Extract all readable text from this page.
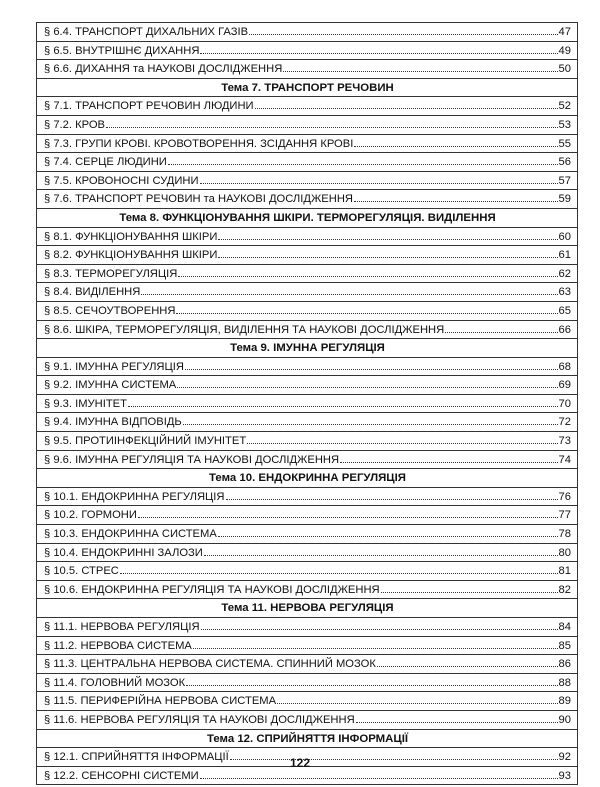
§ 6.4. ТРАНСПОРТ ДИХАЛЬНИХ ГАЗІВ	47
§ 6.5. ВНУТРІШНЄ ДИХАННЯ	49
§ 6.6. ДИХАННЯ та НАУКОВІ ДОСЛІДЖЕННЯ	50
Тема 7. ТРАНСПОРТ РЕЧОВИН
§ 7.1. ТРАНСПОРТ РЕЧОВИН ЛЮДИНИ	52
§ 7.2. КРОВ	53
§ 7.3. ГРУПИ КРОВІ. КРОВОТВОРЕННЯ. ЗСІДАННЯ КРОВІ	55
§ 7.4. СЕРЦЕ ЛЮДИНИ	56
§ 7.5. КРОВОНОСНІ СУДИНИ	57
§ 7.6. ТРАНСПОРТ РЕЧОВИН та НАУКОВІ ДОСЛІДЖЕННЯ	59
Тема 8. ФУНКЦІОНУВАННЯ ШКІРИ. ТЕРМОРЕГУЛЯЦІЯ. ВИДІЛЕННЯ
§ 8.1. ФУНКЦІОНУВАННЯ ШКІРИ	60
§ 8.2. ФУНКЦІОНУВАННЯ ШКІРИ	61
§ 8.3. ТЕРМОРЕГУЛЯЦІЯ	62
§ 8.4. ВИДІЛЕННЯ	63
§ 8.5. СЕЧОУТВОРЕННЯ	65
§ 8.6. ШКІРА, ТЕРМОРЕГУЛЯЦІЯ, ВИДІЛЕННЯ ТА НАУКОВІ ДОСЛІДЖЕННЯ	66
Тема 9. ІМУННА РЕГУЛЯЦІЯ
§ 9.1. ІМУННА РЕГУЛЯЦІЯ	68
§ 9.2. ІМУННА СИСТЕМА	69
§ 9.3. ІМУНІТЕТ	70
§ 9.4. ІМУННА ВІДПОВІДЬ	72
§ 9.5. ПРОТИІНФЕКЦІЙНИЙ ІМУНІТЕТ	73
§ 9.6. ІМУННА РЕГУЛЯЦІЯ ТА НАУКОВІ ДОСЛІДЖЕННЯ	74
Тема 10. ЕНДОКРИННА РЕГУЛЯЦІЯ
§ 10.1. ЕНДОКРИННА РЕГУЛЯЦІЯ	76
§ 10.2. ГОРМОНИ	77
§ 10.3. ЕНДОКРИННА СИСТЕМА	78
§ 10.4. ЕНДОКРИННІ ЗАЛОЗИ	80
§ 10.5. СТРЕС	81
§ 10.6. ЕНДОКРИННА РЕГУЛЯЦІЯ ТА НАУКОВІ ДОСЛІДЖЕННЯ	82
Тема 11. НЕРВОВА РЕГУЛЯЦІЯ
§ 11.1. НЕРВОВА РЕГУЛЯЦІЯ	84
§ 11.2. НЕРВОВА СИСТЕМА	85
§ 11.3. ЦЕНТРАЛЬНА НЕРВОВА СИСТЕМА. СПИННИЙ МОЗОК	86
§ 11.4. ГОЛОВНИЙ МОЗОК	88
§ 11.5. ПЕРИФЕРІЙНА НЕРВОВА СИСТЕМА	89
§ 11.6. НЕРВОВА РЕГУЛЯЦІЯ ТА НАУКОВІ ДОСЛІДЖЕННЯ	90
Тема 12. СПРИЙНЯТТЯ ІНФОРМАЦІЇ
§ 12.1. СПРИЙНЯТТЯ ІНФОРМАЦІЇ	92
§ 12.2. СЕНСОРНІ СИСТЕМИ	93
122
